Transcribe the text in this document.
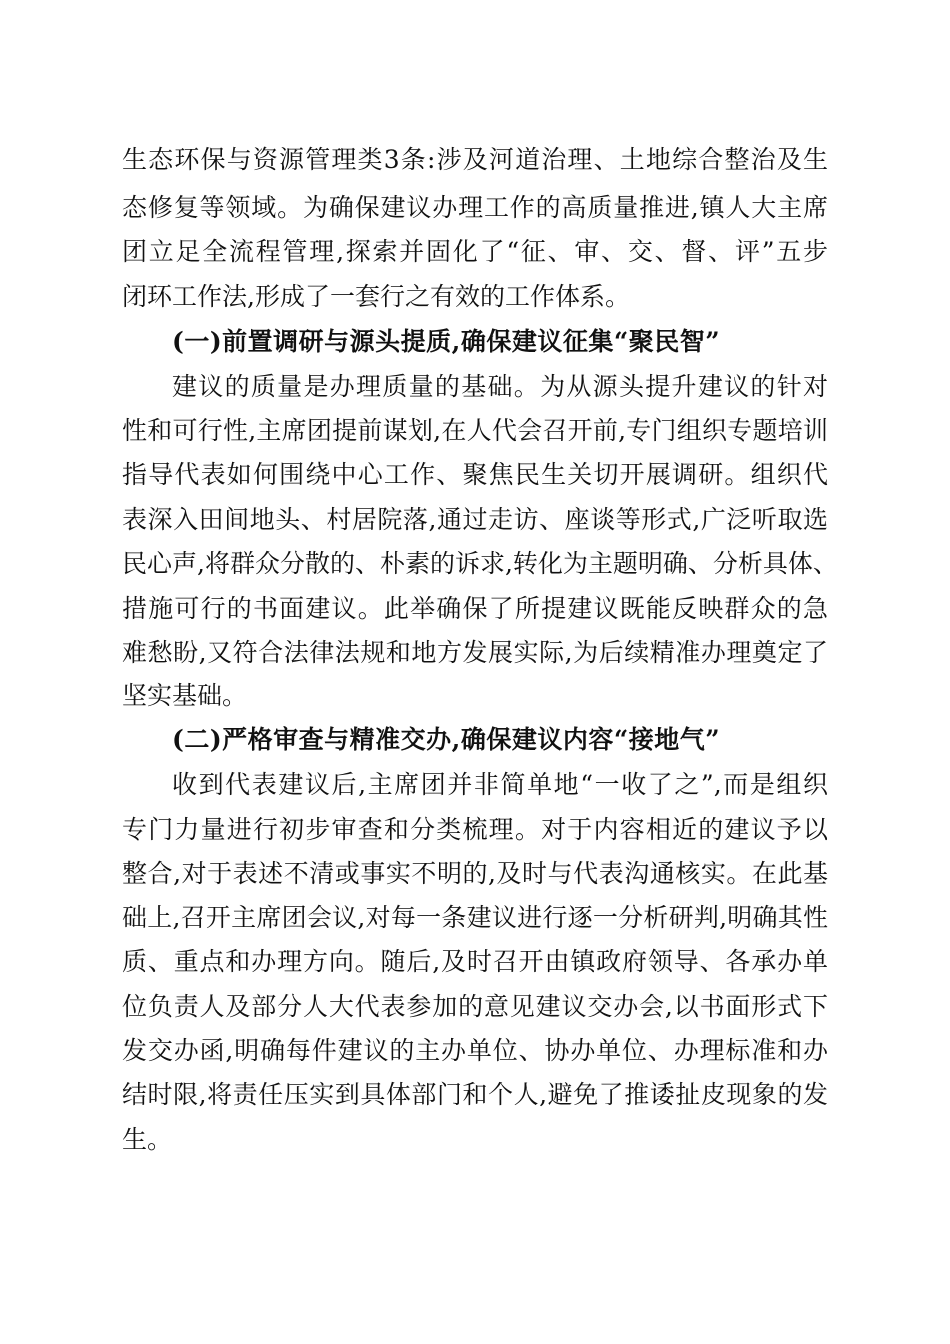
生态环保与资源管理类3条:涉及河道治理、土地综合整治及生
态修复等领域。为确保建议办理工作的高质量推进,镇人大主席
团立足全流程管理,探索并固化了“征、审、交、督、评”五步
闭环工作法,形成了一套行之有效的工作体系。
(一)前置调研与源头提质,确保建议征集“聚民智”
建议的质量是办理质量的基础。为从源头提升建议的针对
性和可行性,主席团提前谋划,在人代会召开前,专门组织专题培训
指导代表如何围绕中心工作、聚焦民生关切开展调研。组织代
表深入田间地头、村居院落,通过走访、座谈等形式,广泛听取选
民心声,将群众分散的、朴素的诉求,转化为主题明确、分析具体、
措施可行的书面建议。此举确保了所提建议既能反映群众的急
难愁盼,又符合法律法规和地方发展实际,为后续精准办理奠定了
坚实基础。
(二)严格审查与精准交办,确保建议内容“接地气”
收到代表建议后,主席团并非简单地“一收了之”,而是组织
专门力量进行初步审查和分类梳理。对于内容相近的建议予以
整合,对于表述不清或事实不明的,及时与代表沟通核实。在此基
础上,召开主席团会议,对每一条建议进行逐一分析研判,明确其性
质、重点和办理方向。随后,及时召开由镇政府领导、各承办单
位负责人及部分人大代表参加的意见建议交办会,以书面形式下
发交办函,明确每件建议的主办单位、协办单位、办理标准和办
结时限,将责任压实到具体部门和个人,避免了推诿扯皮现象的发
生。
